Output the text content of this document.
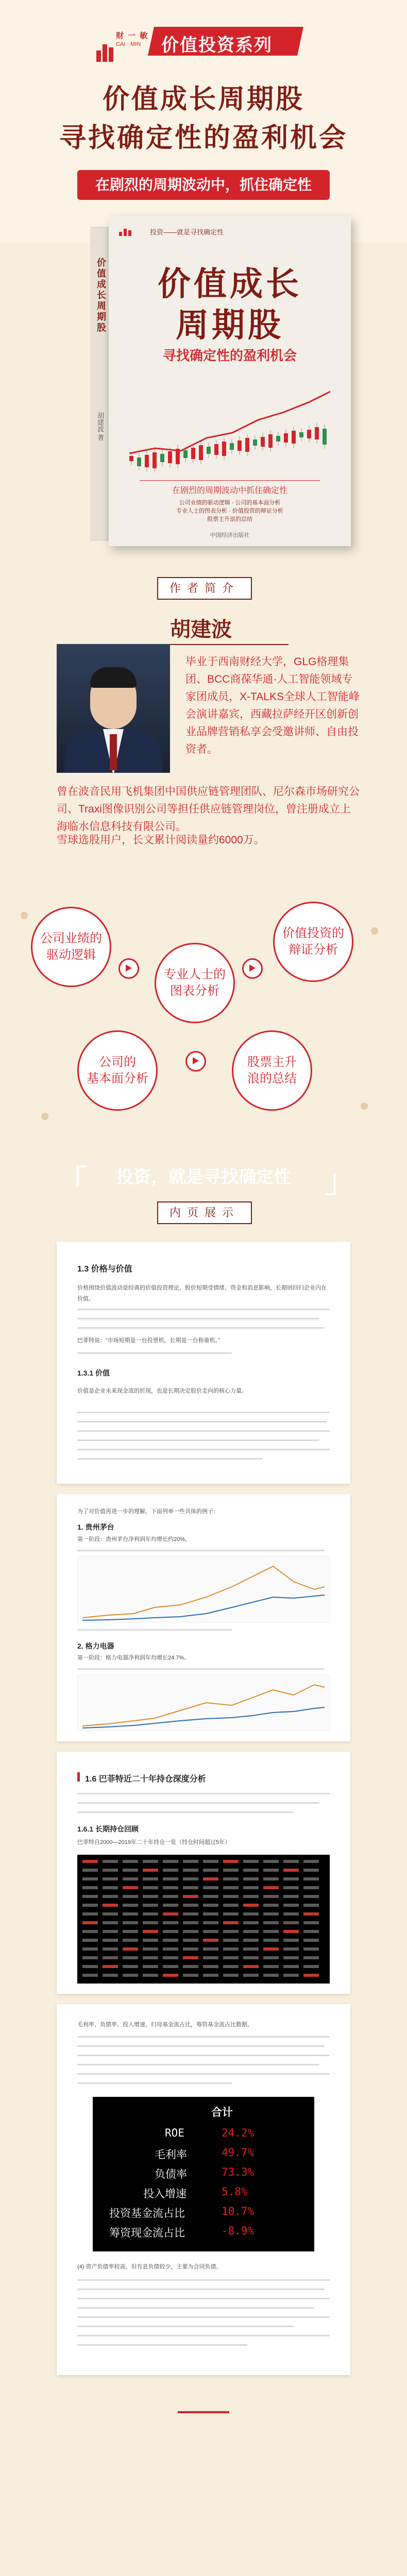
财 一 敏
CAI · MIN 价值投资系列
价值成长周期股
寻找确定性的盈利机会
在剧烈的周期波动中，抓住确定性
价值成长周期股
胡建波 著
投资——就是寻找确定性
价值成长
周期股
寻找确定性的盈利机会
在剧烈的周期波动中抓住确定性
公司业绩的驱动逻辑 · 公司的基本面分析
专业人士的图表分析 · 价值投资的辩证分析
股票主升浪的总结
中国经济出版社
作者简介
胡建波
毕业于西南财经大学，GLG格理集团、BCC商葆华通·人工智能领域专家团成员，X-TALKS全球人工智能峰会演讲嘉宾，西藏拉萨经开区创新创业品牌营销私享会受邀讲师、自由投资者。
曾在波音民用飞机集团中国供应链管理团队、尼尔森市场研究公司、Traxi图像识别公司等担任供应链管理岗位，曾注册成立上海临水信息科技有限公司。
雪球选股用户，长文累计阅读量约6000万。
公司业绩的
驱动逻辑
专业人士的
图表分析
价值投资的
辩证分析
公司的
基本面分析
股票主升
浪的总结
「	投资，就是寻找确定性	」
内页展示
1.3 价格与价值
价格围绕价值波动是经典的价值投资理论，股价短期受情绪、资金和消息影响，长期则回归企业内在价值。
巴菲特说：“市场短期是一台投票机，长期是一台称重机。”
1.3.1 价值
价值是企业未来现金流的折现，也是长期决定股价走向的核心力量。
为了对价值再进一步的理解，下面列举一些具体的例子：
1. 贵州茅台
第一阶段：贵州茅台净利润年均增长约20%。
2. 格力电器
第一阶段：格力电器净利润年均增长24.7%。
1.6 巴菲特近二十年持仓深度分析
1.6.1 长期持仓回顾
巴菲特自2000—2019年二十年持仓一览（持仓时间超过5年）
毛利率、负债率、投入增速、归母基金流占比，筹资基金流占比数据。
合计
ROE	24.2%
毛利率	49.7%
负债率	73.3%
投入增速	5.8%
投资基金流占比	10.7%
筹资现金流占比	-8.9%
(4) 资产负债率较高，但有息负债较少，主要为合同负债。
